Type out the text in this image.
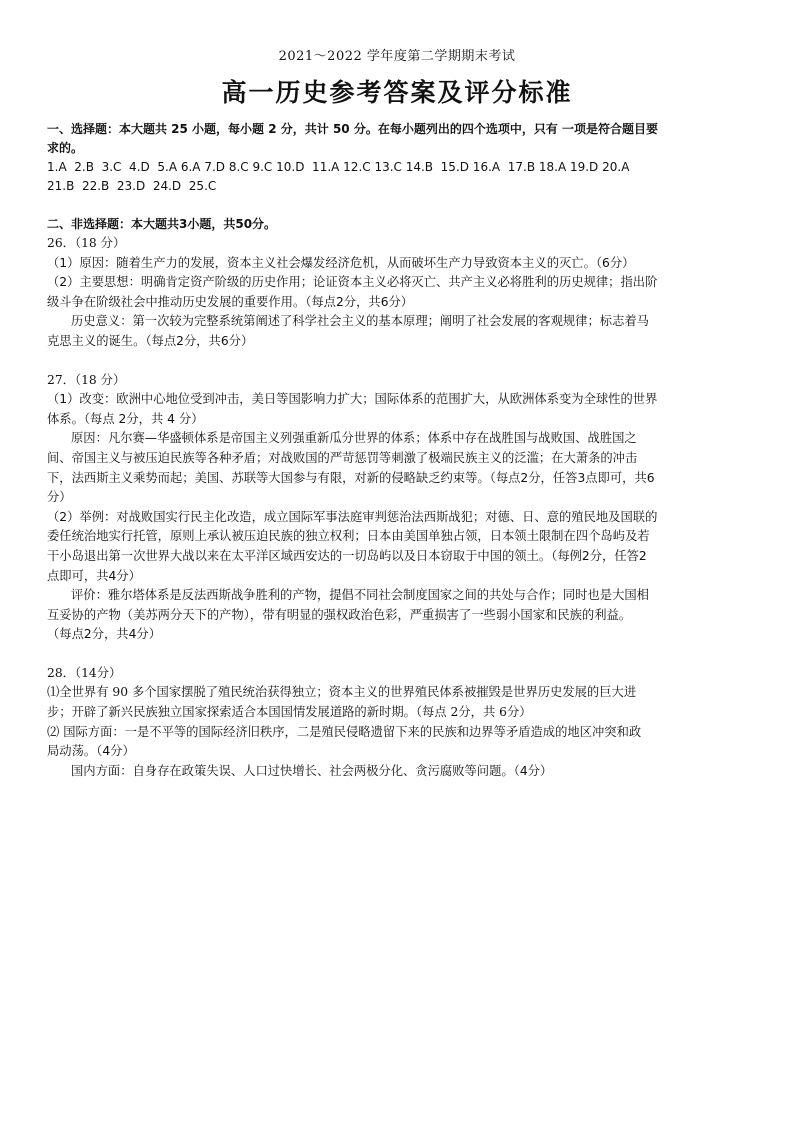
2021～2022 学年度第二学期期末考试

高一历史参考答案及评分标准

一、选择题：本大题共 25 小题，每小题 2 分，共计 50 分。在每小题列出的四个选项中，只有 一项是符合题目要

求的。

1.A  2.B  3.C  4.D  5.A 6.A 7.D 8.C 9.C 10.D  11.A 12.C 13.C 14.B  15.D 16.A  17.B 18.A 19.D 20.A

21.B  22.B  23.D  24.D  25.C

二、非选择题：本大题共3小题，共50分。

26．（18 分）

（1）原因：随着生产力的发展，资本主义社会爆发经济危机，从而破坏生产力导致资本主义的灭亡。（6分）

（2）主要思想：明确肯定资产阶级的历史作用；论证资本主义必将灭亡、共产主义必将胜利的历史规律；指出阶

级斗争在阶级社会中推动历史发展的重要作用。（每点2分，共6分）

历史意义：第一次较为完整系统第阐述了科学社会主义的基本原理；阐明了社会发展的客观规律；标志着马

克思主义的诞生。（每点2分，共6分）

27．（18 分）

（1）改变：欧洲中心地位受到冲击，美日等国影响力扩大；国际体系的范围扩大，从欧洲体系变为全球性的世界

体系。（每点 2分，共 4 分）

原因：凡尔赛—华盛顿体系是帝国主义列强重新瓜分世界的体系；体系中存在战胜国与战败国、战胜国之

间、帝国主义与被压迫民族等各种矛盾；对战败国的严苛惩罚等刺激了极端民族主义的泛滥；在大萧条的冲击

下，法西斯主义乘势而起；美国、苏联等大国参与有限，对新的侵略缺乏约束等。（每点2分，任答3点即可，共6

分）

（2）举例：对战败国实行民主化改造，成立国际军事法庭审判惩治法西斯战犯；对德、日、意的殖民地及国联的

委任统治地实行托管，原则上承认被压迫民族的独立权利；日本由美国单独占领，日本领土限制在四个岛屿及若

干小岛退出第一次世界大战以来在太平洋区域西安达的一切岛屿以及日本窃取于中国的领土。（每例2分，任答2

点即可，共4分）

评价：雅尔塔体系是反法西斯战争胜利的产物，提倡不同社会制度国家之间的共处与合作；同时也是大国相

互妥协的产物（美苏两分天下的产物），带有明显的强权政治色彩，严重损害了一些弱小国家和民族的利益。

（每点2分，共4分）

28．（14分）

⑴全世界有 90 多个国家摆脱了殖民统治获得独立；资本主义的世界殖民体系被摧毁是世界历史发展的巨大进

步；开辟了新兴民族独立国家探索适合本国国情发展道路的新时期。（每点 2分，共 6分）

⑵ 国际方面：一是不平等的国际经济旧秩序，二是殖民侵略遗留下来的民族和边界等矛盾造成的地区冲突和政

局动荡。（4分）

国内方面：自身存在政策失误、人口过快增长、社会两极分化、贪污腐败等问题。（4分）
